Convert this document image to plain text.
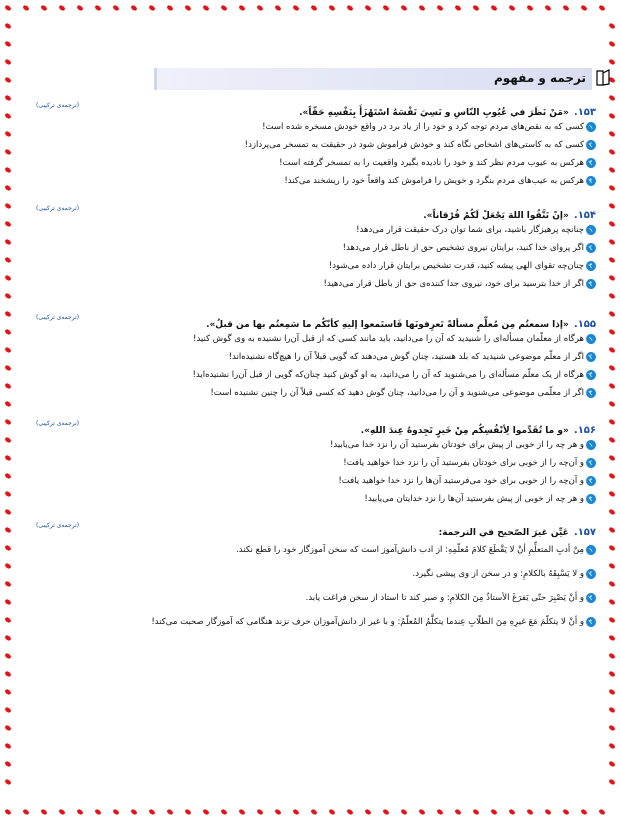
ترجمه و مفهوم
۱۵۳. «مَنْ نَظَرَ في عُيُوبِ النّاسِ و نَسِيَ نَفْسَهُ اسْتَهْزَأَ بِنَفْسِهِ حَقّاً».
(ترجمه‌ی ترکیبی)
۱کسی که به نقص‌های مردم توجه کرد و خود را از یاد برد در واقع خودش مسخره شده است!
۲کسی که به کاستی‌های اشخاص نگاه کند و خودش فراموش شود در حقیقت به تمسخر می‌پردازد!
۳هرکس به عیوب مردم نظر کند و خود را نادیده بگیرد واقعیت را به تمسخر گرفته است!
۴هرکس به عیب‌های مردم بنگرد و خویش را فراموش کند واقعاً خود را ریشخند می‌کند!
۱۵۴. «إنْ تَتَّقُوا اللهَ يَجْعَلْ لَكُمْ فُرْقاناً».
(ترجمه‌ی ترکیبی)
۱چنانچه پرهیزگار باشید، برای شما توان درک حقیقت قرار می‌دهد!
۲اگر پروای خدا کنید، برایتان نیروی تشخیص حق از باطل قرار می‌دهد!
۳چنان‌چه تقوای الهی پیشه کنید، قدرت تشخیص برایتان قرار داده می‌شود!
۴اگر از خدا بترسید برای خود، نیروی جدا کننده‌ی حق از باطل قرار می‌دهید!
۱۵۵. «إذا سمعتُم مِن مُعلِّمٍ مسألةً تَعرِفونَها فَاستَمعوا إليهِ كأنّكُم ما سَمِعتُم بها من قبلُ».
(ترجمه‌ی ترکیبی)
۱هرگاه از معلّمان مسأله‌ای را شنیدید که آن را می‌دانید، باید مانند کسی که از قبل آن‌را نشنیده به وی گوش کنید!
۲اگر از معلّم موضوعی شنیدید که بلد هستید، چنان گوش می‌دهند که گویی قبلاً آن را هیچ‌گاه نشنیده‌اند!
۳هرگاه از یک معلّم مسأله‌ای را می‌شنوید که آن را می‌دانید، به او گوش کنید چنان‌که گویی از قبل آن‌را نشنیده‌اید!
۴اگر از معلّمی موضوعی می‌شنوید و آن را می‌دانید، چنان گوش دهید که کسی قبلاً آن را چنین نشنیده است!
۱۵۶. «و ما تُقَدِّموا لِأنْفُسِكُم مِنْ خَيرٍ تَجِدوهُ عِندَ اللهِ».
(ترجمه‌ی ترکیبی)
۱و هر چه را از خوبی از پیش برای خودتان بفرستید آن را نزد خدا می‌یابید!
۲و آن‌چه را از خوبی برای خودتان بفرستید آن را نزد خدا خواهید یافت!
۳و آن‌چه را از خوبی برای خود می‌فرستید آن‌ها را نزد خدا خواهید یافت!
۴و هر چه از خوبی از پیش بفرستید آن‌ها را نزد خدایتان می‌یابید!
۱۵۷. عَيِّن غيرَ الصّحيح في الترجمة:
(ترجمه‌ی ترکیبی)
۱مِنْ أدبِ المتعلِّمِ أنْ لا يَقْطَعَ كلامَ مُعلّمِهِ: از ادب دانش‌آموز است که سخن آموزگار خود را قطع نکند.
۲و لا يَسْبِقَهُ بالكلامِ: و در سخن از وی پیشی نگیرد.
۳و أنْ يَصْبِرَ حتّى يَفرَغَ الأستاذُ مِنَ الكلامِ: و صبر کند تا استاد از سخن فراغت یابد.
۴و أنْ لا يتكلّمَ مَعَ غيرِهِ مِنَ الطلّابِ عِندما يتكلَّمُ المُعلّمُ: و با غیر از دانش‌آموزان حرف نزند هنگامی که آموزگار صحبت می‌کند!
